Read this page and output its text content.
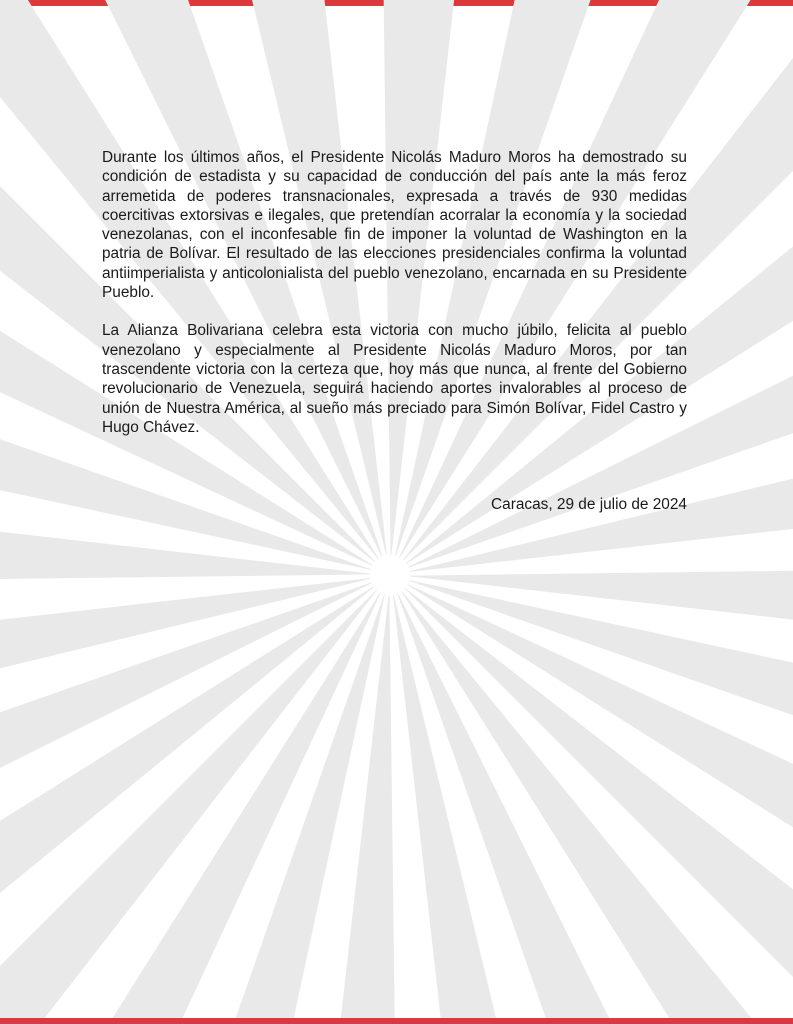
Durante los últimos años, el Presidente Nicolás Maduro Moros ha demostrado su condición de estadista y su capacidad de conducción del país ante la más feroz arremetida de poderes transnacionales, expresada a través de 930 medidas coercitivas extorsivas e ilegales, que pretendían acorralar la economía y la sociedad venezolanas, con el inconfesable fin de imponer la voluntad de Washington en la patria de Bolívar. El resultado de las elecciones presidenciales confirma la voluntad antiimperialista y anticolonialista del pueblo venezolano, encarnada en su Presidente Pueblo.

La Alianza Bolivariana celebra esta victoria con mucho júbilo, felicita al pueblo venezolano y especialmente al Presidente Nicolás Maduro Moros, por tan trascendente victoria con la certeza que, hoy más que nunca, al frente del Gobierno revolucionario de Venezuela, seguirá haciendo aportes invalorables al proceso de unión de Nuestra América, al sueño más preciado para Simón Bolívar, Fidel Castro y Hugo Chávez.

Caracas, 29 de julio de 2024
